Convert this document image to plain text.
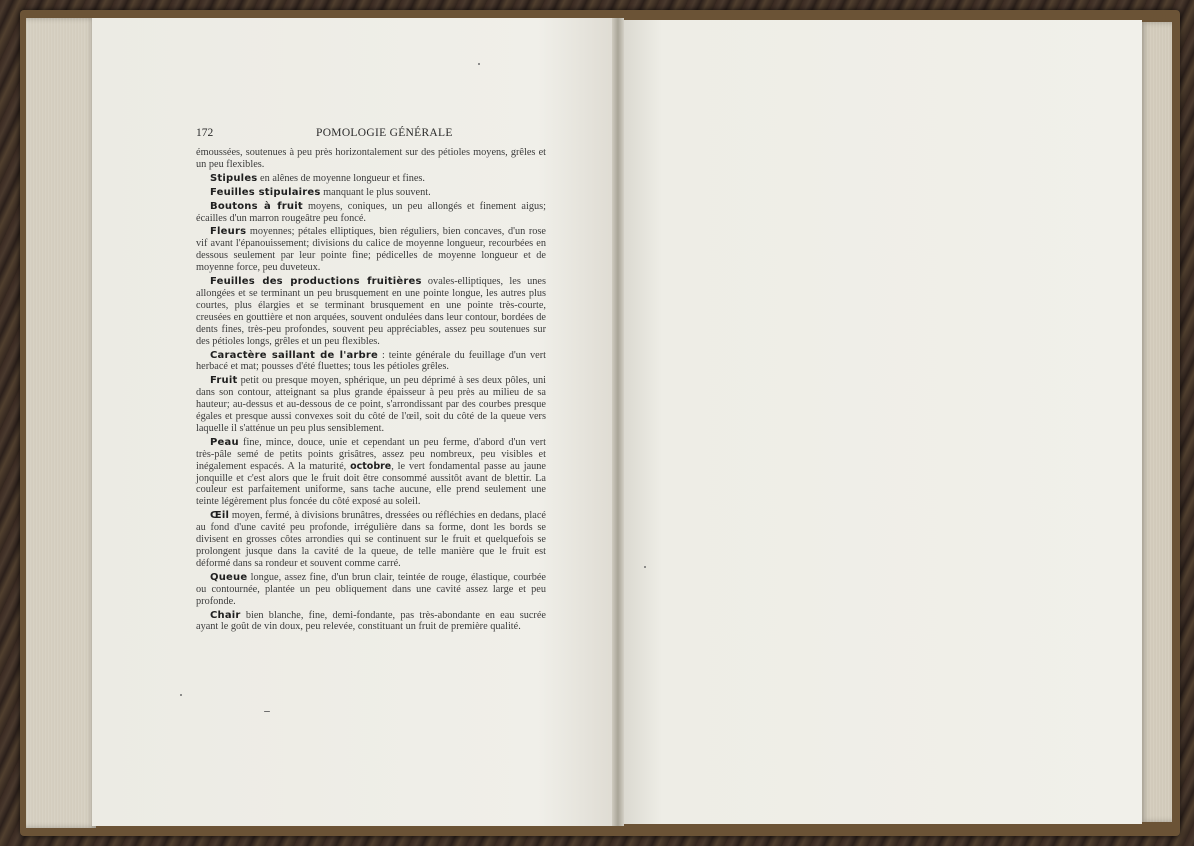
172	POMOLOGIE GÉNÉRALE

émoussées, soutenues à peu près horizontalement sur des pétioles moyens, grêles et un peu flexibles.

Stipules en alênes de moyenne longueur et fines.

Feuilles stipulaires manquant le plus souvent.

Boutons à fruit moyens, coniques, un peu allongés et finement aigus; écailles d'un marron rougeâtre peu foncé.

Fleurs moyennes; pétales elliptiques, bien réguliers, bien concaves, d'un rose vif avant l'épanouissement; divisions du calice de moyenne longueur, recourbées en dessous seulement par leur pointe fine; pédicelles de moyenne longueur et de moyenne force, peu duveteux.

Feuilles des productions fruitières ovales-elliptiques, les unes allongées et se terminant un peu brusquement en une pointe longue, les autres plus courtes, plus élargies et se terminant brusquement en une pointe très-courte, creusées en gouttière et non arquées, souvent ondulées dans leur contour, bordées de dents fines, très-peu profondes, souvent peu appréciables, assez peu soutenues sur des pétioles longs, grêles et un peu flexibles.

Caractère saillant de l'arbre : teinte générale du feuillage d'un vert herbacé et mat; pousses d'été fluettes; tous les pétioles grêles.

Fruit petit ou presque moyen, sphérique, un peu déprimé à ses deux pôles, uni dans son contour, atteignant sa plus grande épaisseur à peu près au milieu de sa hauteur; au-dessus et au-dessous de ce point, s'arrondissant par des courbes presque égales et presque aussi convexes soit du côté de l'œil, soit du côté de la queue vers laquelle il s'atténue un peu plus sensiblement.

Peau fine, mince, douce, unie et cependant un peu ferme, d'abord d'un vert très-pâle semé de petits points grisâtres, assez peu nombreux, peu visibles et inégalement espacés. A la maturité, octobre, le vert fondamental passe au jaune jonquille et c'est alors que le fruit doit être consommé aussitôt avant de blettir. La couleur est parfaitement uniforme, sans tache aucune, elle prend seulement une teinte légèrement plus foncée du côté exposé au soleil.

Œil moyen, fermé, à divisions brunâtres, dressées ou réfléchies en dedans, placé au fond d'une cavité peu profonde, irrégulière dans sa forme, dont les bords se divisent en grosses côtes arrondies qui se continuent sur le fruit et quelquefois se prolongent jusque dans la cavité de la queue, de telle manière que le fruit est déformé dans sa rondeur et souvent comme carré.

Queue longue, assez fine, d'un brun clair, teintée de rouge, élastique, courbée ou contournée, plantée un peu obliquement dans une cavité assez large et peu profonde.

Chair bien blanche, fine, demi-fondante, pas très-abondante en eau sucrée ayant le goût de vin doux, peu relevée, constituant un fruit de première qualité.
